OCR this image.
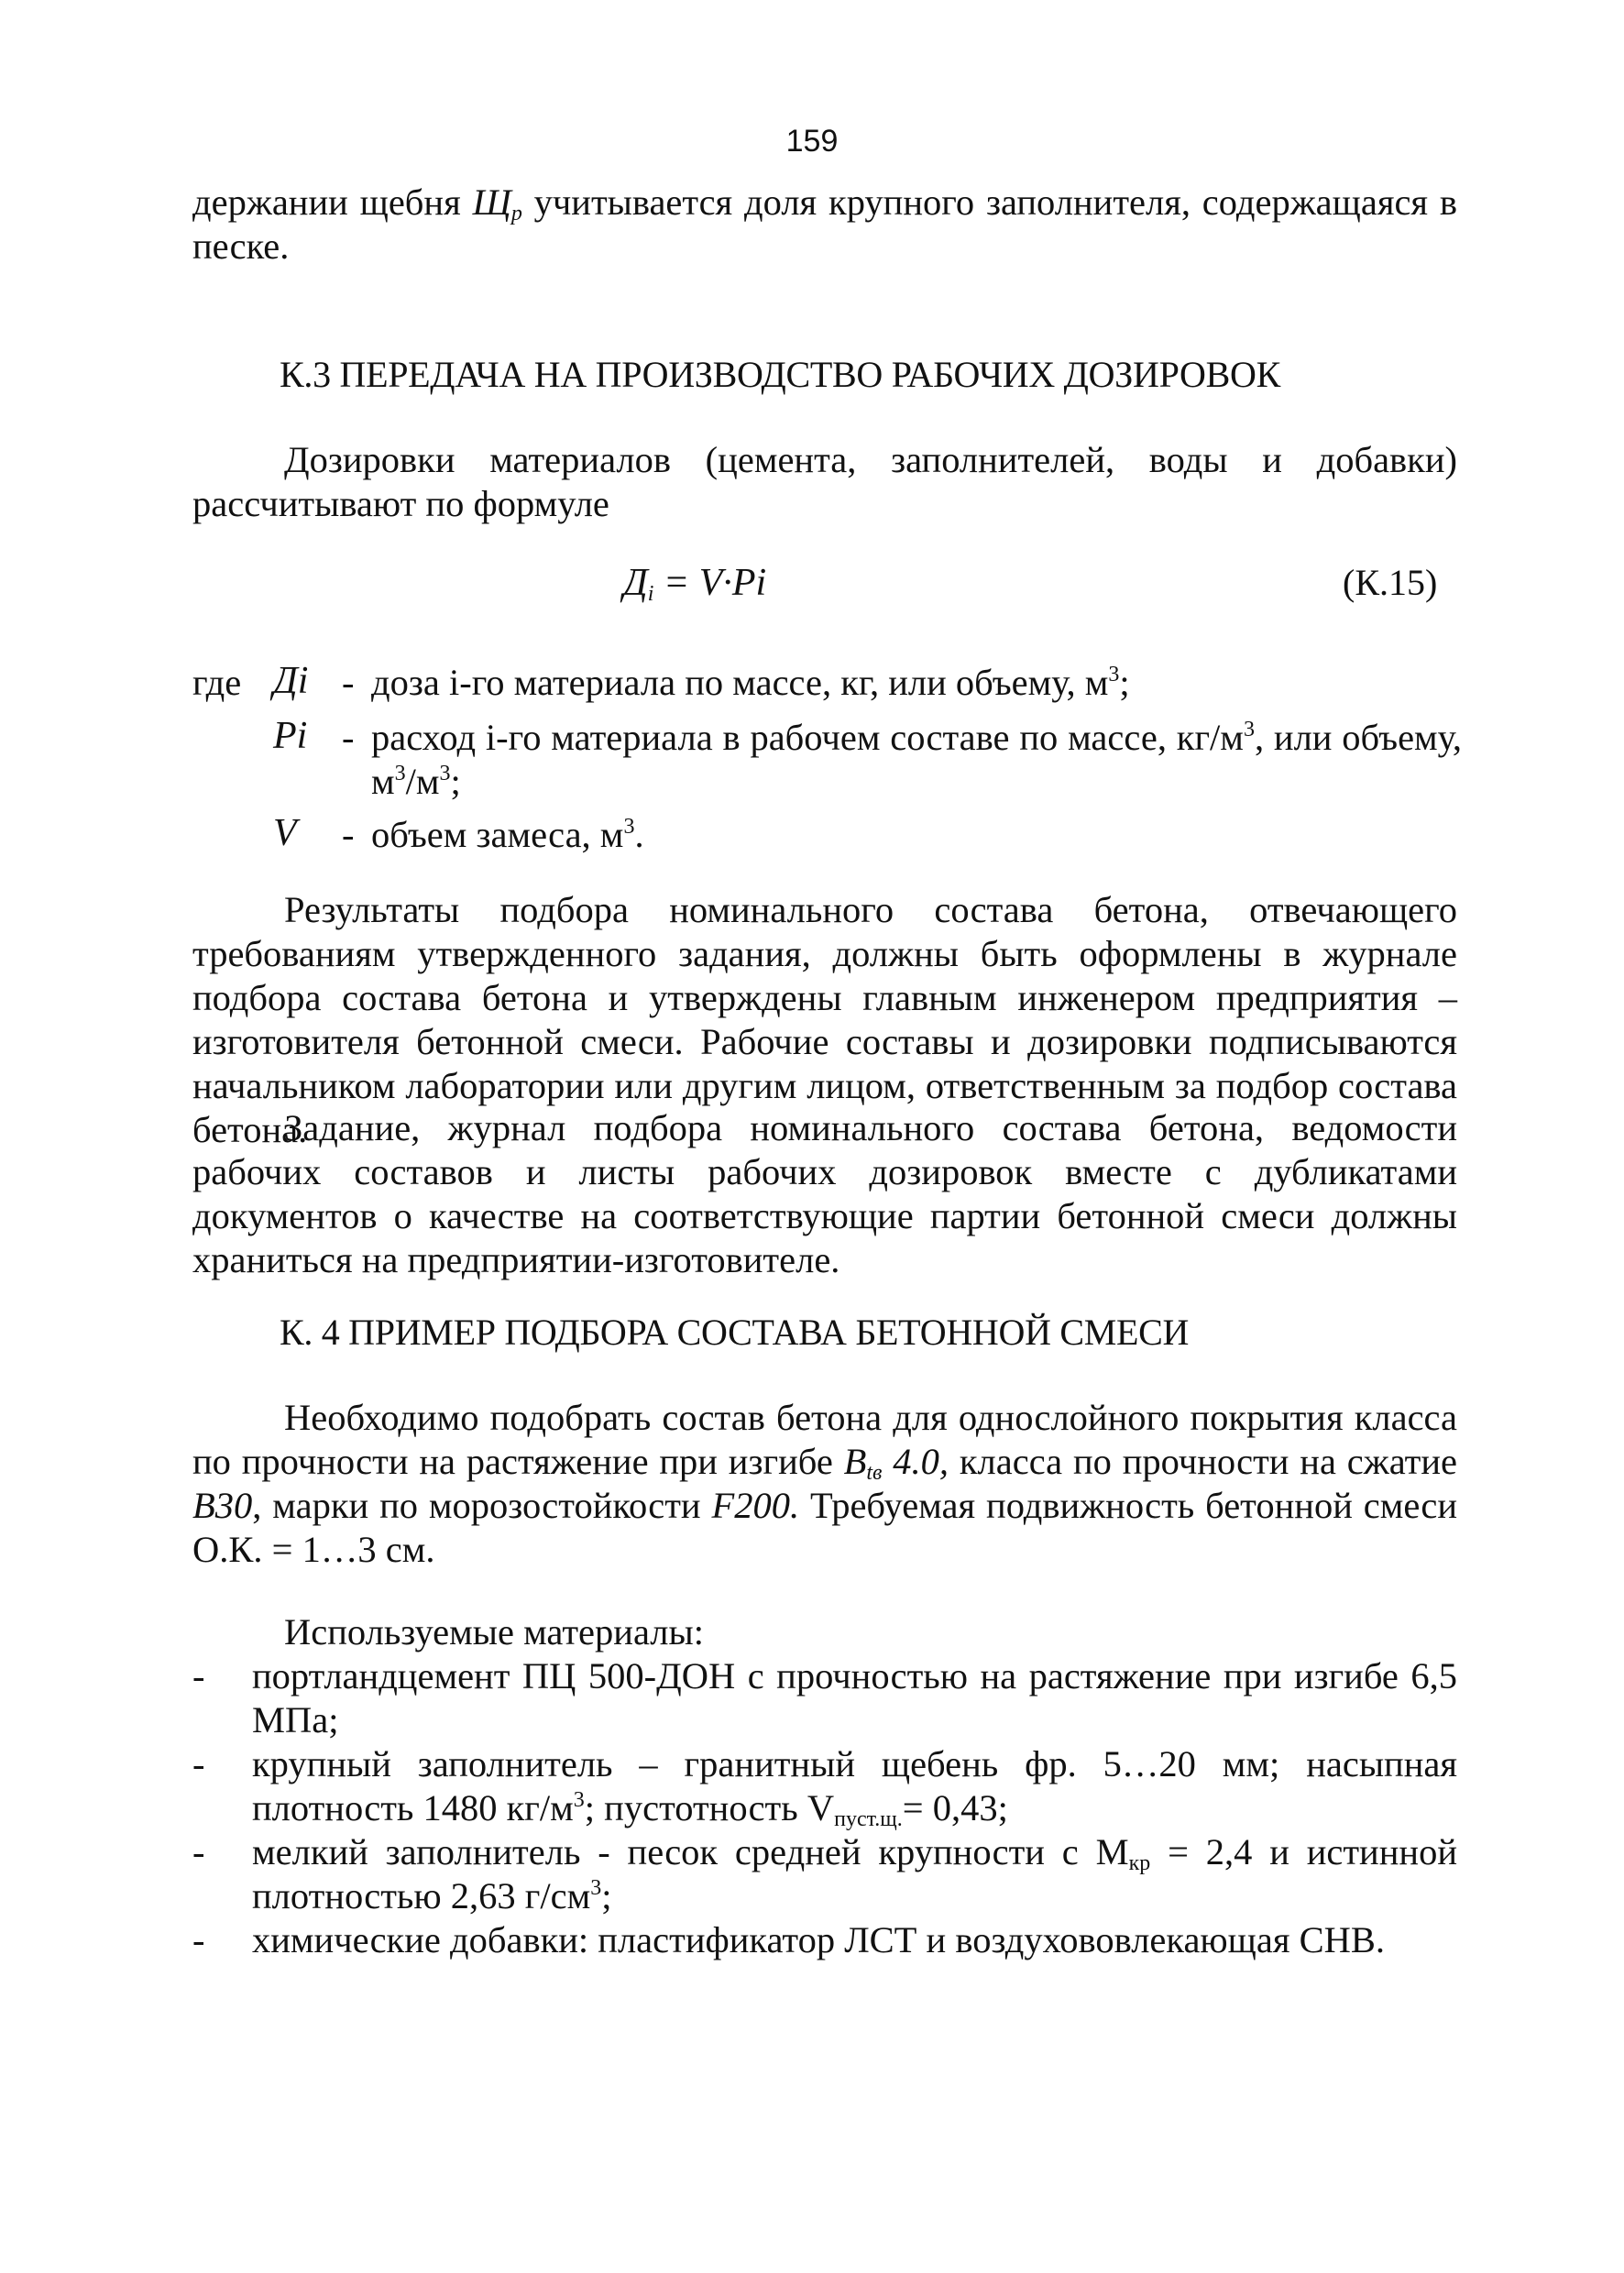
159
держании щебня $Щ_р$ учитывается доля крупного заполнителя, содержащаяся в песке.
К.3 ПЕРЕДАЧА НА ПРОИЗВОДСТВО РАБОЧИХ ДОЗИРОВОК
Дозировки материалов (цемента, заполнителей, воды и добавки) рассчитывают по формуле
$Д_i = V\cdot Pi$	(К.15)
где Дi - доза i-го материала по массе, кг, или объему, $м^3$;
Pi - расход i-го материала в рабочем составе по массе, $кг/м^3$, или объему, $м^3/м^3$;
V - объем замеса, $м^3$.
Результаты подбора номинального состава бетона, отвечающего требованиям утвержденного задания, должны быть оформлены в журнале подбора состава бетона и утверждены главным инженером предприятия – изготовителя бетонной смеси. Рабочие составы и дозировки подписываются начальником лаборатории или другим лицом, ответственным за подбор состава бетона.
Задание, журнал подбора номинального состава бетона, ведомости рабочих составов и листы рабочих дозировок вместе с дубликатами документов о качестве на соответствующие партии бетонной смеси должны храниться на предприятии-изготовителе.
К. 4 ПРИМЕР ПОДБОРА СОСТАВА БЕТОННОЙ СМЕСИ
Необходимо подобрать состав бетона для однослойного покрытия класса по прочности на растяжение при изгибе $B_{tв}$ 4.0, класса по прочности на сжатие B30, марки по морозостойкости F200. Требуемая подвижность бетонной смеси О.К. = 1…3 см.
Используемые материалы:
-	портландцемент ПЦ 500-ДОН с прочностью на растяжение при изгибе 6,5 МПа;
-	крупный заполнитель – гранитный щебень фр. 5…20 мм; насыпная плотность 1480 $кг/м^3$; пустотность $V_{пуст.щ.}= 0,43$;
-	мелкий заполнитель - песок средней крупности с $М_{кр} = 2,4$ и истинной плотностью 2,63 $г/см^3$;
-	химические добавки: пластификатор ЛСТ и воздухововлекающая СНВ.
